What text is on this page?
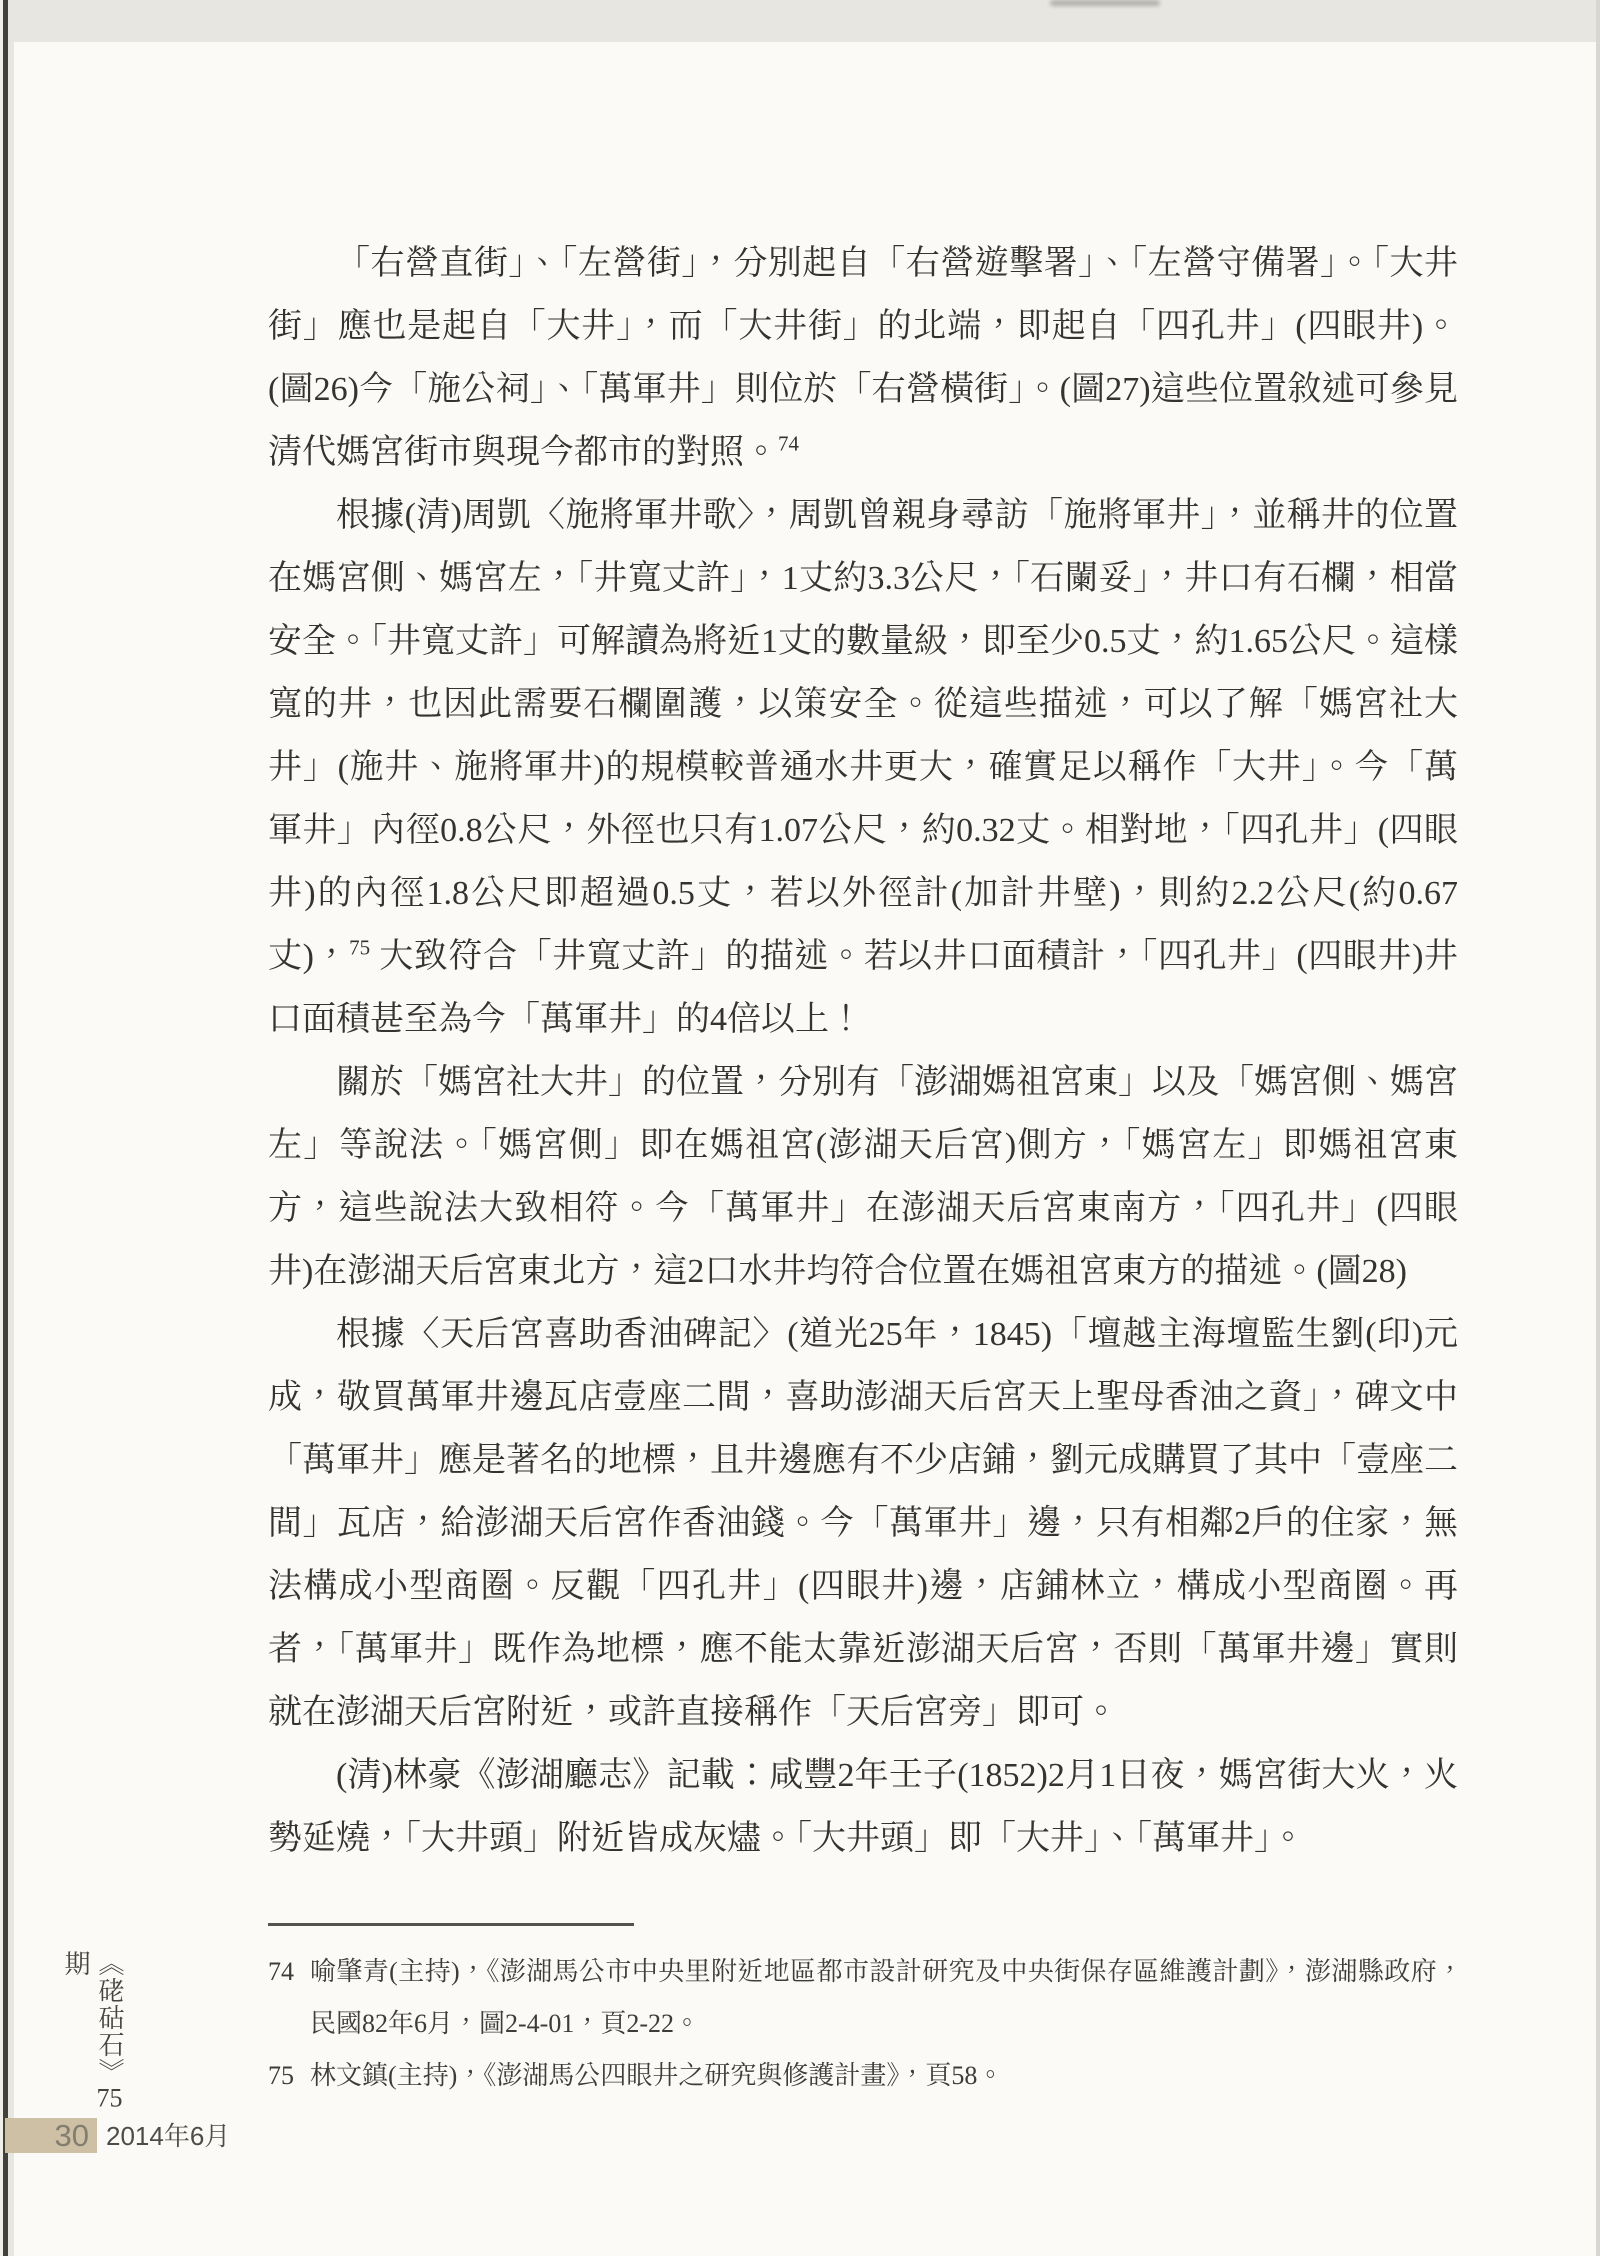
「右營直街」、「左營街」，分別起自「右營遊擊署」、「左營守備署」。「大井街」應也是起自「大井」，而「大井街」的北端，即起自「四孔井」(四眼井)。(圖26)今「施公祠」、「萬軍井」則位於「右營橫街」。(圖27)這些位置敘述可參見清代媽宮街市與現今都市的對照。$^{74}$

根據(清)周凱〈施將軍井歌〉，周凱曾親身尋訪「施將軍井」，並稱井的位置在媽宮側、媽宮左，「井寬丈許」，1丈約3.3公尺，「石闌妥」，井口有石欄，相當安全。「井寬丈許」可解讀為將近1丈的數量級，即至少0.5丈，約1.65公尺。這樣寬的井，也因此需要石欄圍護，以策安全。從這些描述，可以了解「媽宮社大井」(施井、施將軍井)的規模較普通水井更大，確實足以稱作「大井」。今「萬軍井」內徑0.8公尺，外徑也只有1.07公尺，約0.32丈。相對地，「四孔井」(四眼井)的內徑1.8公尺即超過0.5丈，若以外徑計(加計井壁)，則約2.2公尺(約0.67丈)，$^{75}$ 大致符合「井寬丈許」的描述。若以井口面積計，「四孔井」(四眼井)井口面積甚至為今「萬軍井」的4倍以上！

關於「媽宮社大井」的位置，分別有「澎湖媽祖宮東」以及「媽宮側、媽宮左」等說法。「媽宮側」即在媽祖宮(澎湖天后宮)側方，「媽宮左」即媽祖宮東方，這些說法大致相符。今「萬軍井」在澎湖天后宮東南方，「四孔井」(四眼井)在澎湖天后宮東北方，這2口水井均符合位置在媽祖宮東方的描述。(圖28)

根據〈天后宮喜助香油碑記〉(道光25年，1845)「壇越主海壇監生劉(印)元成，敬買萬軍井邊瓦店壹座二間，喜助澎湖天后宮天上聖母香油之資」，碑文中「萬軍井」應是著名的地標，且井邊應有不少店鋪，劉元成購買了其中「壹座二間」瓦店，給澎湖天后宮作香油錢。今「萬軍井」邊，只有相鄰2戶的住家，無法構成小型商圈。反觀「四孔井」(四眼井)邊，店鋪林立，構成小型商圈。再者，「萬軍井」既作為地標，應不能太靠近澎湖天后宮，否則「萬軍井邊」實則就在澎湖天后宮附近，或許直接稱作「天后宮旁」即可。

(清)林豪《澎湖廳志》記載：咸豐2年壬子(1852)2月1日夜，媽宮街大火，火勢延燒，「大井頭」附近皆成灰燼。「大井頭」即「大井」、「萬軍井」。

74 喻肇青(主持)，《澎湖馬公市中央里附近地區都市設計研究及中央街保存區維護計劃》，澎湖縣政府，民國82年6月，圖2-4-01，頁2-22。
75 林文鎮(主持)，《澎湖馬公四眼井之研究與修護計畫》，頁58。
《硓𥑮石》75期
30 2014年6月
